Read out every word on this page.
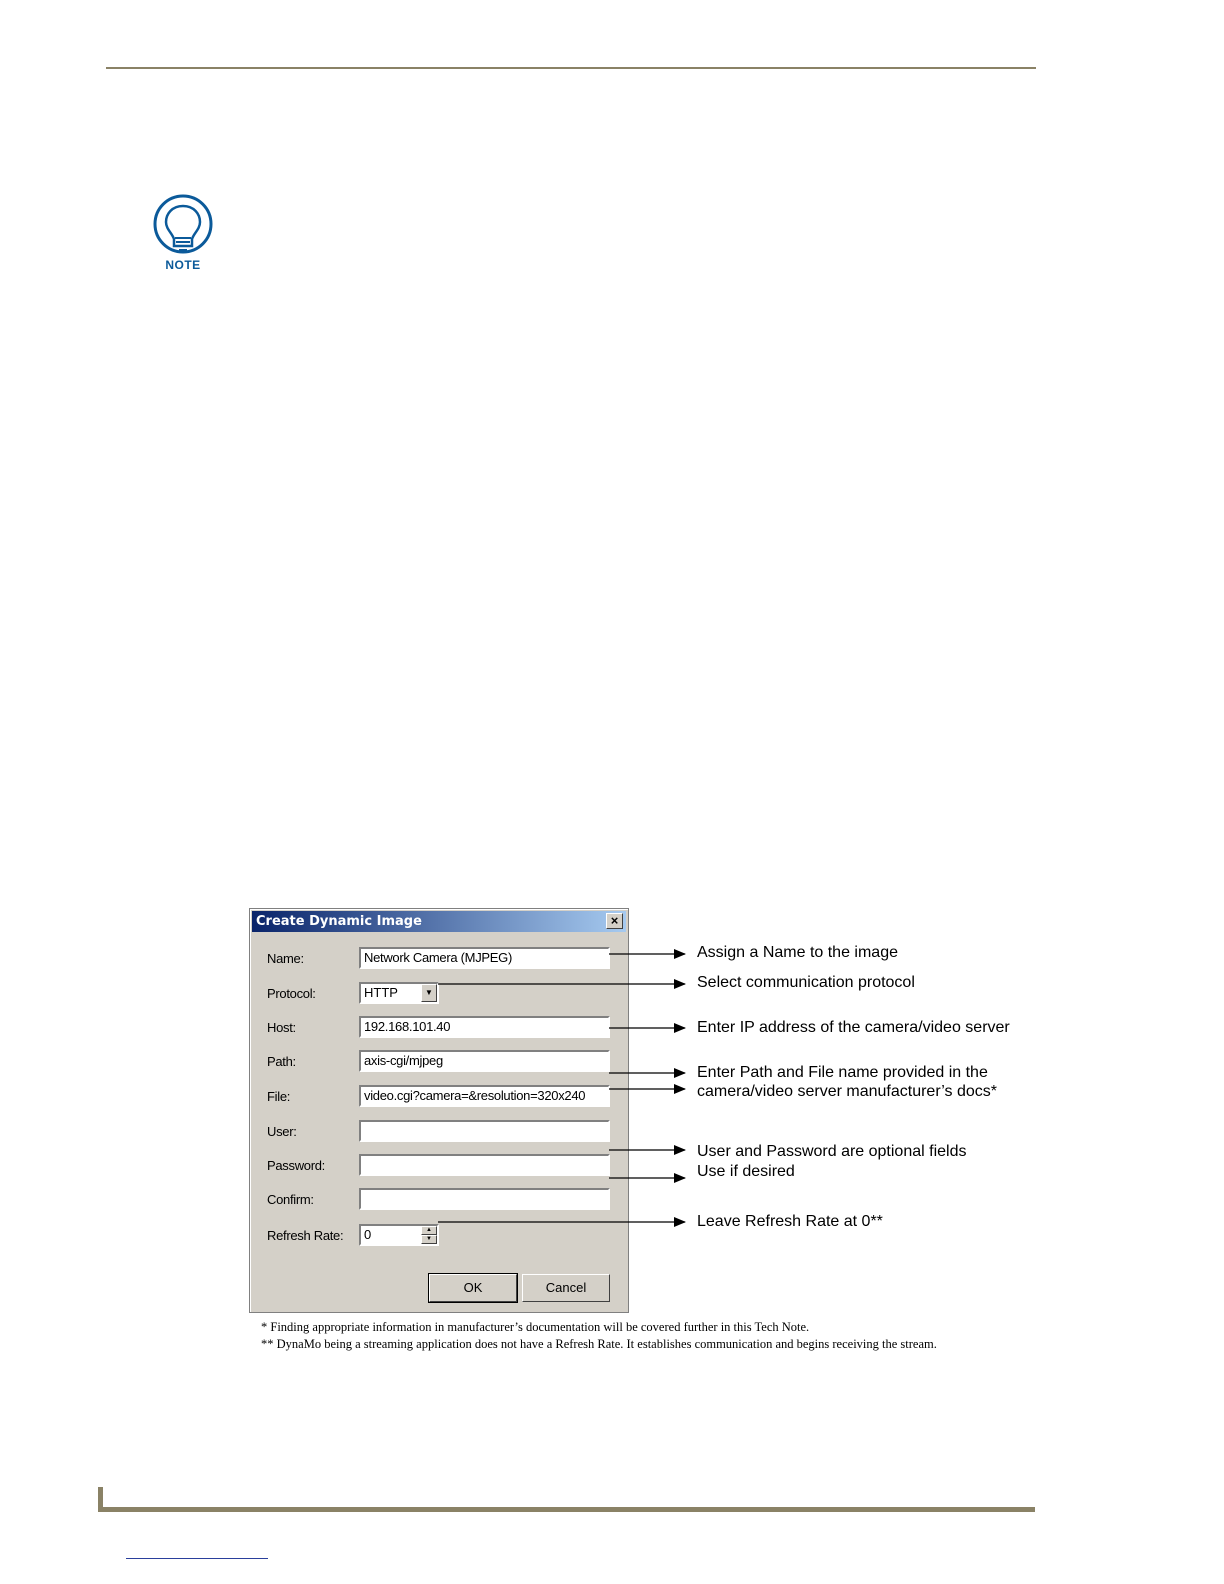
NOTE
Create Dynamic Image	×
Name:	Network Camera (MJPEG)
Protocol:	HTTP	▼
Host:	192.168.101.40
Path:	axis-cgi/mjpeg
File:	video.cgi?camera=&resolution=320x240
User:
Password:
Confirm:
Refresh Rate:	0	▲
▼
OK	Cancel
Assign a Name to the image
Select communication protocol
Enter IP address of the camera/video server
Enter Path and File name provided in the
camera/video server manufacturer’s docs*
User and Password are optional fields
Use if desired
Leave Refresh Rate at 0**
* Finding appropriate information in manufacturer’s documentation will be covered further in this Tech Note.
** DynaMo being a streaming application does not have a Refresh Rate. It establishes communication and begins receiving the stream.
